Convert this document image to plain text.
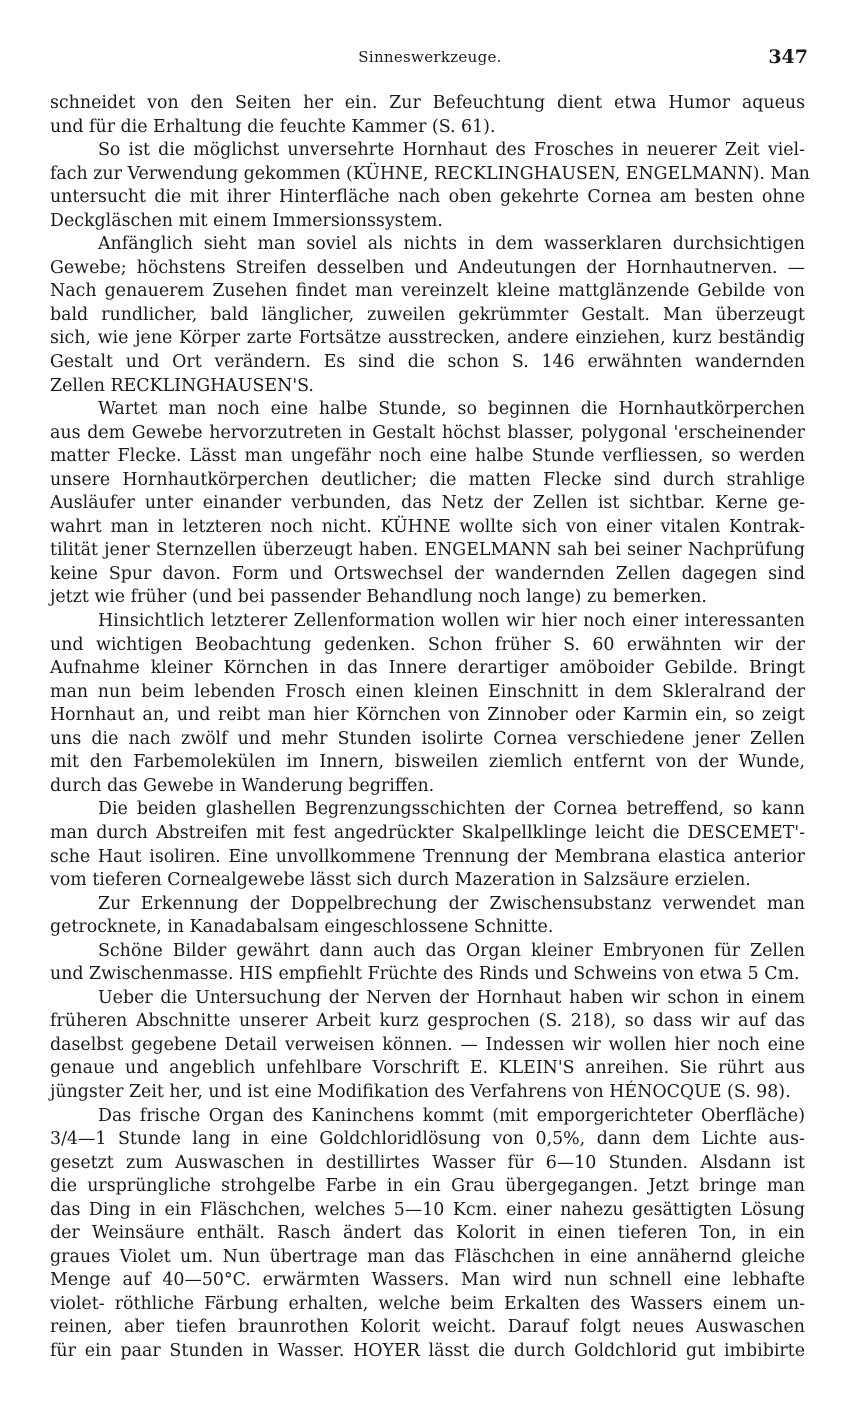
Sinneswerkzeuge.	347
schneidet von den Seiten her ein. Zur Befeuchtung dient etwa Humor aqueus
und für die Erhaltung die feuchte Kammer (S. 61).
So ist die möglichst unversehrte Hornhaut des Frosches in neuerer Zeit viel-
fach zur Verwendung gekommen (KÜHNE, RECKLINGHAUSEN, ENGELMANN). Man
untersucht die mit ihrer Hinterfläche nach oben gekehrte Cornea am besten ohne
Deckgläschen mit einem Immersionssystem.
Anfänglich sieht man soviel als nichts in dem wasserklaren durchsichtigen
Gewebe; höchstens Streifen desselben und Andeutungen der Hornhautnerven. —
Nach genauerem Zusehen findet man vereinzelt kleine mattglänzende Gebilde von
bald rundlicher, bald länglicher, zuweilen gekrümmter Gestalt. Man überzeugt
sich, wie jene Körper zarte Fortsätze ausstrecken, andere einziehen, kurz beständig
Gestalt und Ort verändern. Es sind die schon S. 146 erwähnten wandernden
Zellen RECKLINGHAUSEN'S.
Wartet man noch eine halbe Stunde, so beginnen die Hornhautkörperchen
aus dem Gewebe hervorzutreten in Gestalt höchst blasser, polygonal 'erscheinender
matter Flecke. Lässt man ungefähr noch eine halbe Stunde verfliessen, so werden
unsere Hornhautkörperchen deutlicher; die matten Flecke sind durch strahlige
Ausläufer unter einander verbunden, das Netz der Zellen ist sichtbar. Kerne ge-
wahrt man in letzteren noch nicht. KÜHNE wollte sich von einer vitalen Kontrak-
tilität jener Sternzellen überzeugt haben. ENGELMANN sah bei seiner Nachprüfung
keine Spur davon. Form und Ortswechsel der wandernden Zellen dagegen sind
jetzt wie früher (und bei passender Behandlung noch lange) zu bemerken.
Hinsichtlich letzterer Zellenformation wollen wir hier noch einer interessanten
und wichtigen Beobachtung gedenken. Schon früher S. 60 erwähnten wir der
Aufnahme kleiner Körnchen in das Innere derartiger amöboider Gebilde. Bringt
man nun beim lebenden Frosch einen kleinen Einschnitt in dem Skleralrand der
Hornhaut an, und reibt man hier Körnchen von Zinnober oder Karmin ein, so zeigt
uns die nach zwölf und mehr Stunden isolirte Cornea verschiedene jener Zellen
mit den Farbemolekülen im Innern, bisweilen ziemlich entfernt von der Wunde,
durch das Gewebe in Wanderung begriffen.
Die beiden glashellen Begrenzungsschichten der Cornea betreffend, so kann
man durch Abstreifen mit fest angedrückter Skalpellklinge leicht die DESCEMET'-
sche Haut isoliren. Eine unvollkommene Trennung der Membrana elastica anterior
vom tieferen Cornealgewebe lässt sich durch Mazeration in Salzsäure erzielen.
Zur Erkennung der Doppelbrechung der Zwischensubstanz verwendet man
getrocknete, in Kanadabalsam eingeschlossene Schnitte.
Schöne Bilder gewährt dann auch das Organ kleiner Embryonen für Zellen
und Zwischenmasse. HIS empfiehlt Früchte des Rinds und Schweins von etwa 5 Cm.
Ueber die Untersuchung der Nerven der Hornhaut haben wir schon in einem
früheren Abschnitte unserer Arbeit kurz gesprochen (S. 218), so dass wir auf das
daselbst gegebene Detail verweisen können. — Indessen wir wollen hier noch eine
genaue und angeblich unfehlbare Vorschrift E. KLEIN'S anreihen. Sie rührt aus
jüngster Zeit her, und ist eine Modifikation des Verfahrens von HÉNOCQUE (S. 98).
Das frische Organ des Kaninchens kommt (mit emporgerichteter Oberfläche)
3/4—1 Stunde lang in eine Goldchloridlösung von 0,5%, dann dem Lichte aus-
gesetzt zum Auswaschen in destillirtes Wasser für 6—10 Stunden. Alsdann ist
die ursprüngliche strohgelbe Farbe in ein Grau übergegangen. Jetzt bringe man
das Ding in ein Fläschchen, welches 5—10 Kcm. einer nahezu gesättigten Lösung
der Weinsäure enthält. Rasch ändert das Kolorit in einen tieferen Ton, in ein
graues Violet um. Nun übertrage man das Fläschchen in eine annähernd gleiche
Menge auf 40—50°C. erwärmten Wassers. Man wird nun schnell eine lebhafte
violet- röthliche Färbung erhalten, welche beim Erkalten des Wassers einem un-
reinen, aber tiefen braunrothen Kolorit weicht. Darauf folgt neues Auswaschen
für ein paar Stunden in Wasser. HOYER lässt die durch Goldchlorid gut imbibirte
